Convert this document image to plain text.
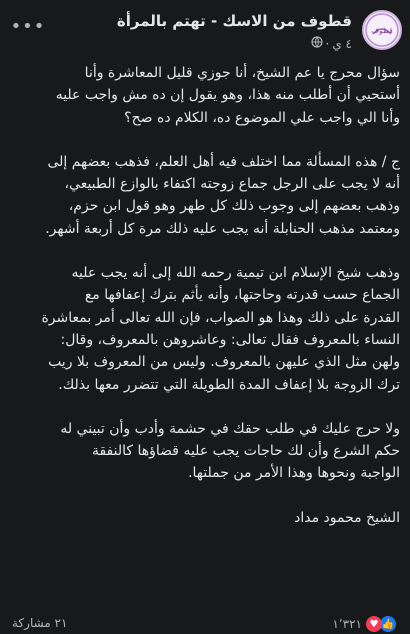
قطوف
قطوف من الاسك - تهتم بالمرأة
٤ ي
·
•••

سؤال محرج يا عم الشيخ، أنا جوزي قليل المعاشرة وأنا
أستحيي أن أطلب منه هذا، وهو يقول إن ده مش واجب عليه
وأنا الي واجب علي الموضوع ده، الكلام ده صح؟

ج / هذه المسألة مما اختلف فيه أهل العلم، فذهب بعضهم إلى
أنه لا يجب على الرجل جماع زوجته اكتفاء بالوازع الطبيعي،
وذهب بعضهم إلى وجوب ذلك كل طهر وهو قول ابن حزم،
ومعتمد مذهب الحنابلة أنه يجب عليه ذلك مرة كل أربعة أشهر.

وذهب شيخ الإسلام ابن تيمية رحمه الله إلى أنه يجب عليه
الجماع حسب قدرته وحاجتها، وأنه يأثم بترك إعفافها مع
القدرة على ذلك وهذا هو الصواب، فإن الله تعالى أمر بمعاشرة
النساء بالمعروف فقال تعالى: وعاشروهن بالمعروف، وقال:
ولهن مثل الذي عليهن بالمعروف. وليس من المعروف بلا ريب
ترك الزوجة بلا إعفاف المدة الطويلة التي تتضرر معها بذلك.

ولا حرج عليك في طلب حقك في حشمة وأدب وأن تبيني له
حكم الشرع وأن لك حاجات يجب عليه قضاؤها كالنفقة
الواجبة ونحوها وهذا الأمر من جملتها.

الشيخ محمود مداد

👍
♥
١٬٣٢١
٢١ مشاركة
